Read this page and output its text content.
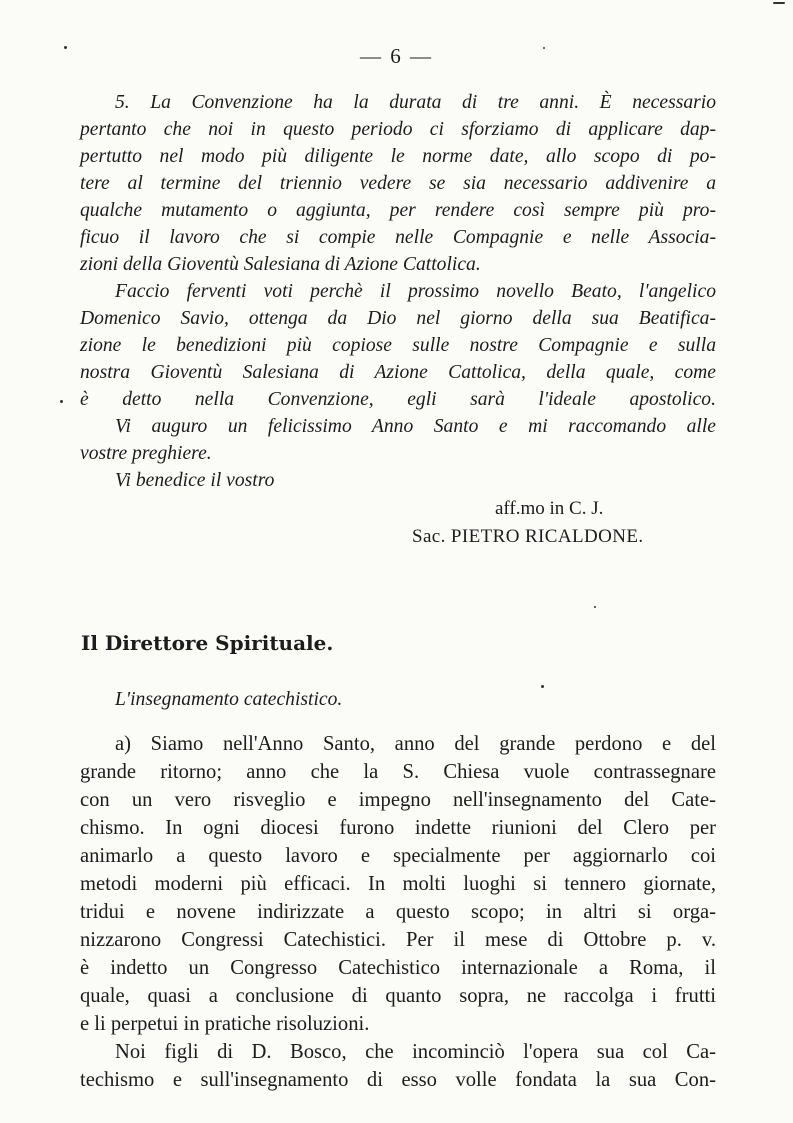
— 6 —
5. La Convenzione ha la durata di tre anni. È necessario
pertanto che noi in questo periodo ci sforziamo di applicare dap-
pertutto nel modo più diligente le norme date, allo scopo di po-
tere al termine del triennio vedere se sia necessario addivenire a
qualche mutamento o aggiunta, per rendere così sempre più pro-
ficuo il lavoro che si compie nelle Compagnie e nelle Associa-
zioni della Gioventù Salesiana di Azione Cattolica.
Faccio ferventi voti perchè il prossimo novello Beato, l'angelico
Domenico Savio, ottenga da Dio nel giorno della sua Beatifica-
zione le benedizioni più copiose sulle nostre Compagnie e sulla
nostra Gioventù Salesiana di Azione Cattolica, della quale, come
è detto nella Convenzione, egli sarà l'ideale apostolico.
Vi auguro un felicissimo Anno Santo e mi raccomando alle
vostre preghiere.
Vi benedice il vostro
aff.mo in C. J.
Sac. PIETRO RICALDONE.
Il Direttore Spirituale.
L'insegnamento catechistico.
a) Siamo nell'Anno Santo, anno del grande perdono e del
grande ritorno; anno che la S. Chiesa vuole contrassegnare
con un vero risveglio e impegno nell'insegnamento del Cate-
chismo. In ogni diocesi furono indette riunioni del Clero per
animarlo a questo lavoro e specialmente per aggiornarlo coi
metodi moderni più efficaci. In molti luoghi si tennero giornate,
tridui e novene indirizzate a questo scopo; in altri si orga-
nizzarono Congressi Catechistici. Per il mese di Ottobre p. v.
è indetto un Congresso Catechistico internazionale a Roma, il
quale, quasi a conclusione di quanto sopra, ne raccolga i frutti
e li perpetui in pratiche risoluzioni.
Noi figli di D. Bosco, che incominciò l'opera sua col Ca-
techismo e sull'insegnamento di esso volle fondata la sua Con-
